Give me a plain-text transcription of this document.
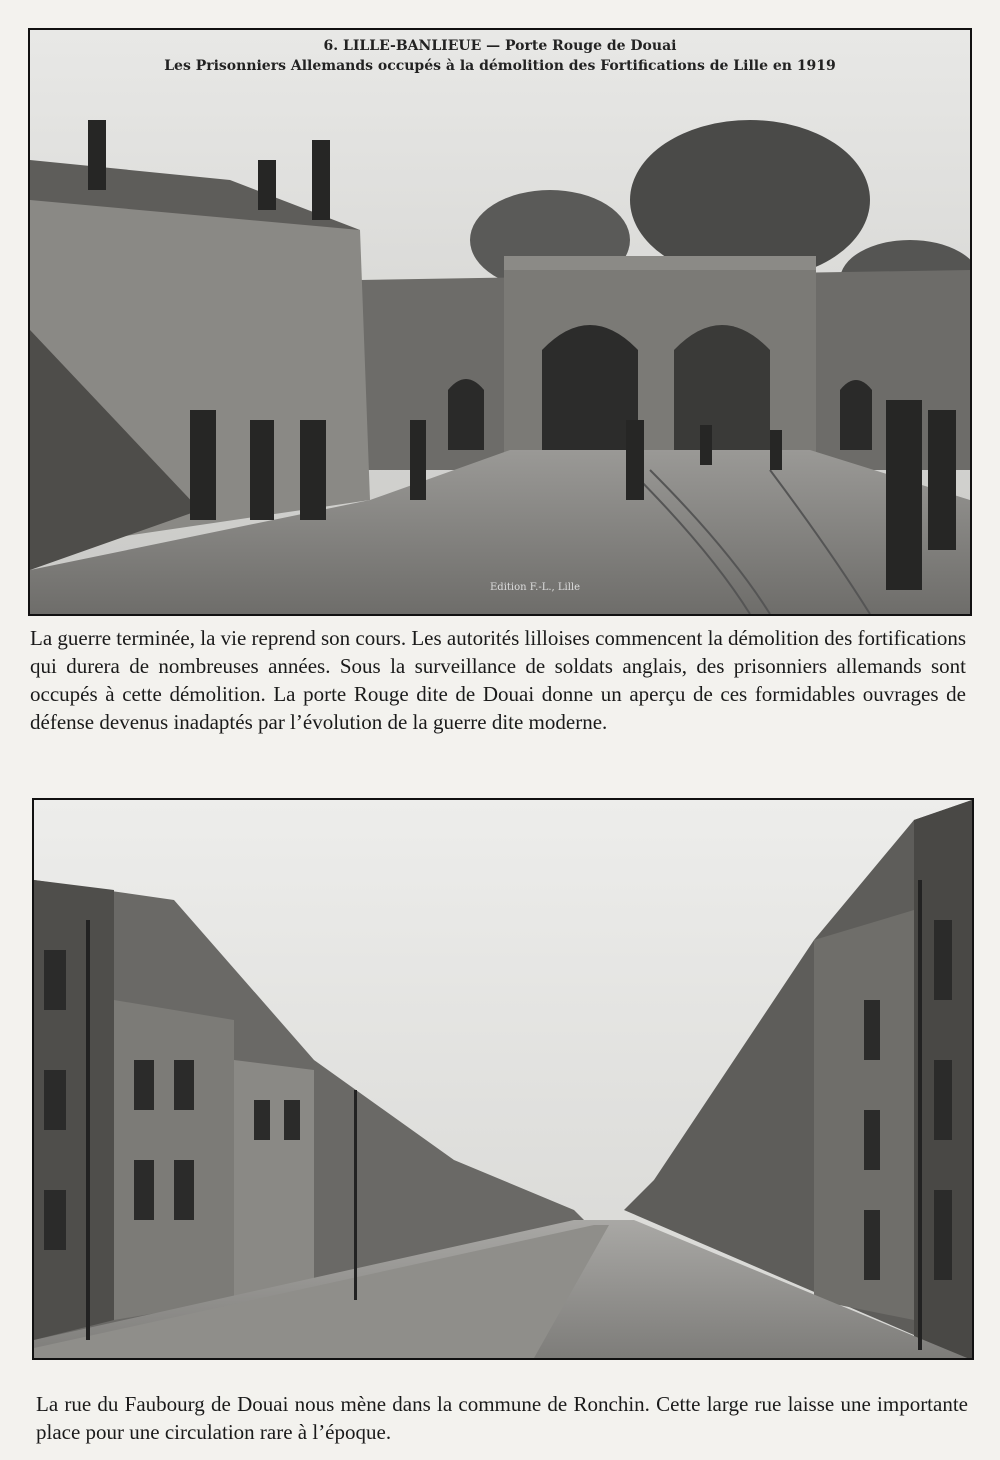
6. LILLE-BANLIEUE — Porte Rouge de Douai
Les Prisonniers Allemands occupés à la démolition des Fortifications de Lille en 1919
Edition F.-L., Lille

La guerre terminée, la vie reprend son cours. Les autorités lilloises commencent la démolition des fortifications qui durera de nombreuses années. Sous la surveillance de soldats anglais, des prisonniers allemands sont occupés à cette démolition. La porte Rouge dite de Douai donne un aperçu de ces formidables ouvrages de défense devenus inadaptés par l’évolution de la guerre dite moderne.

La rue du Faubourg de Douai nous mène dans la commune de Ronchin. Cette large rue laisse une importante place pour une circulation rare à l’époque.
